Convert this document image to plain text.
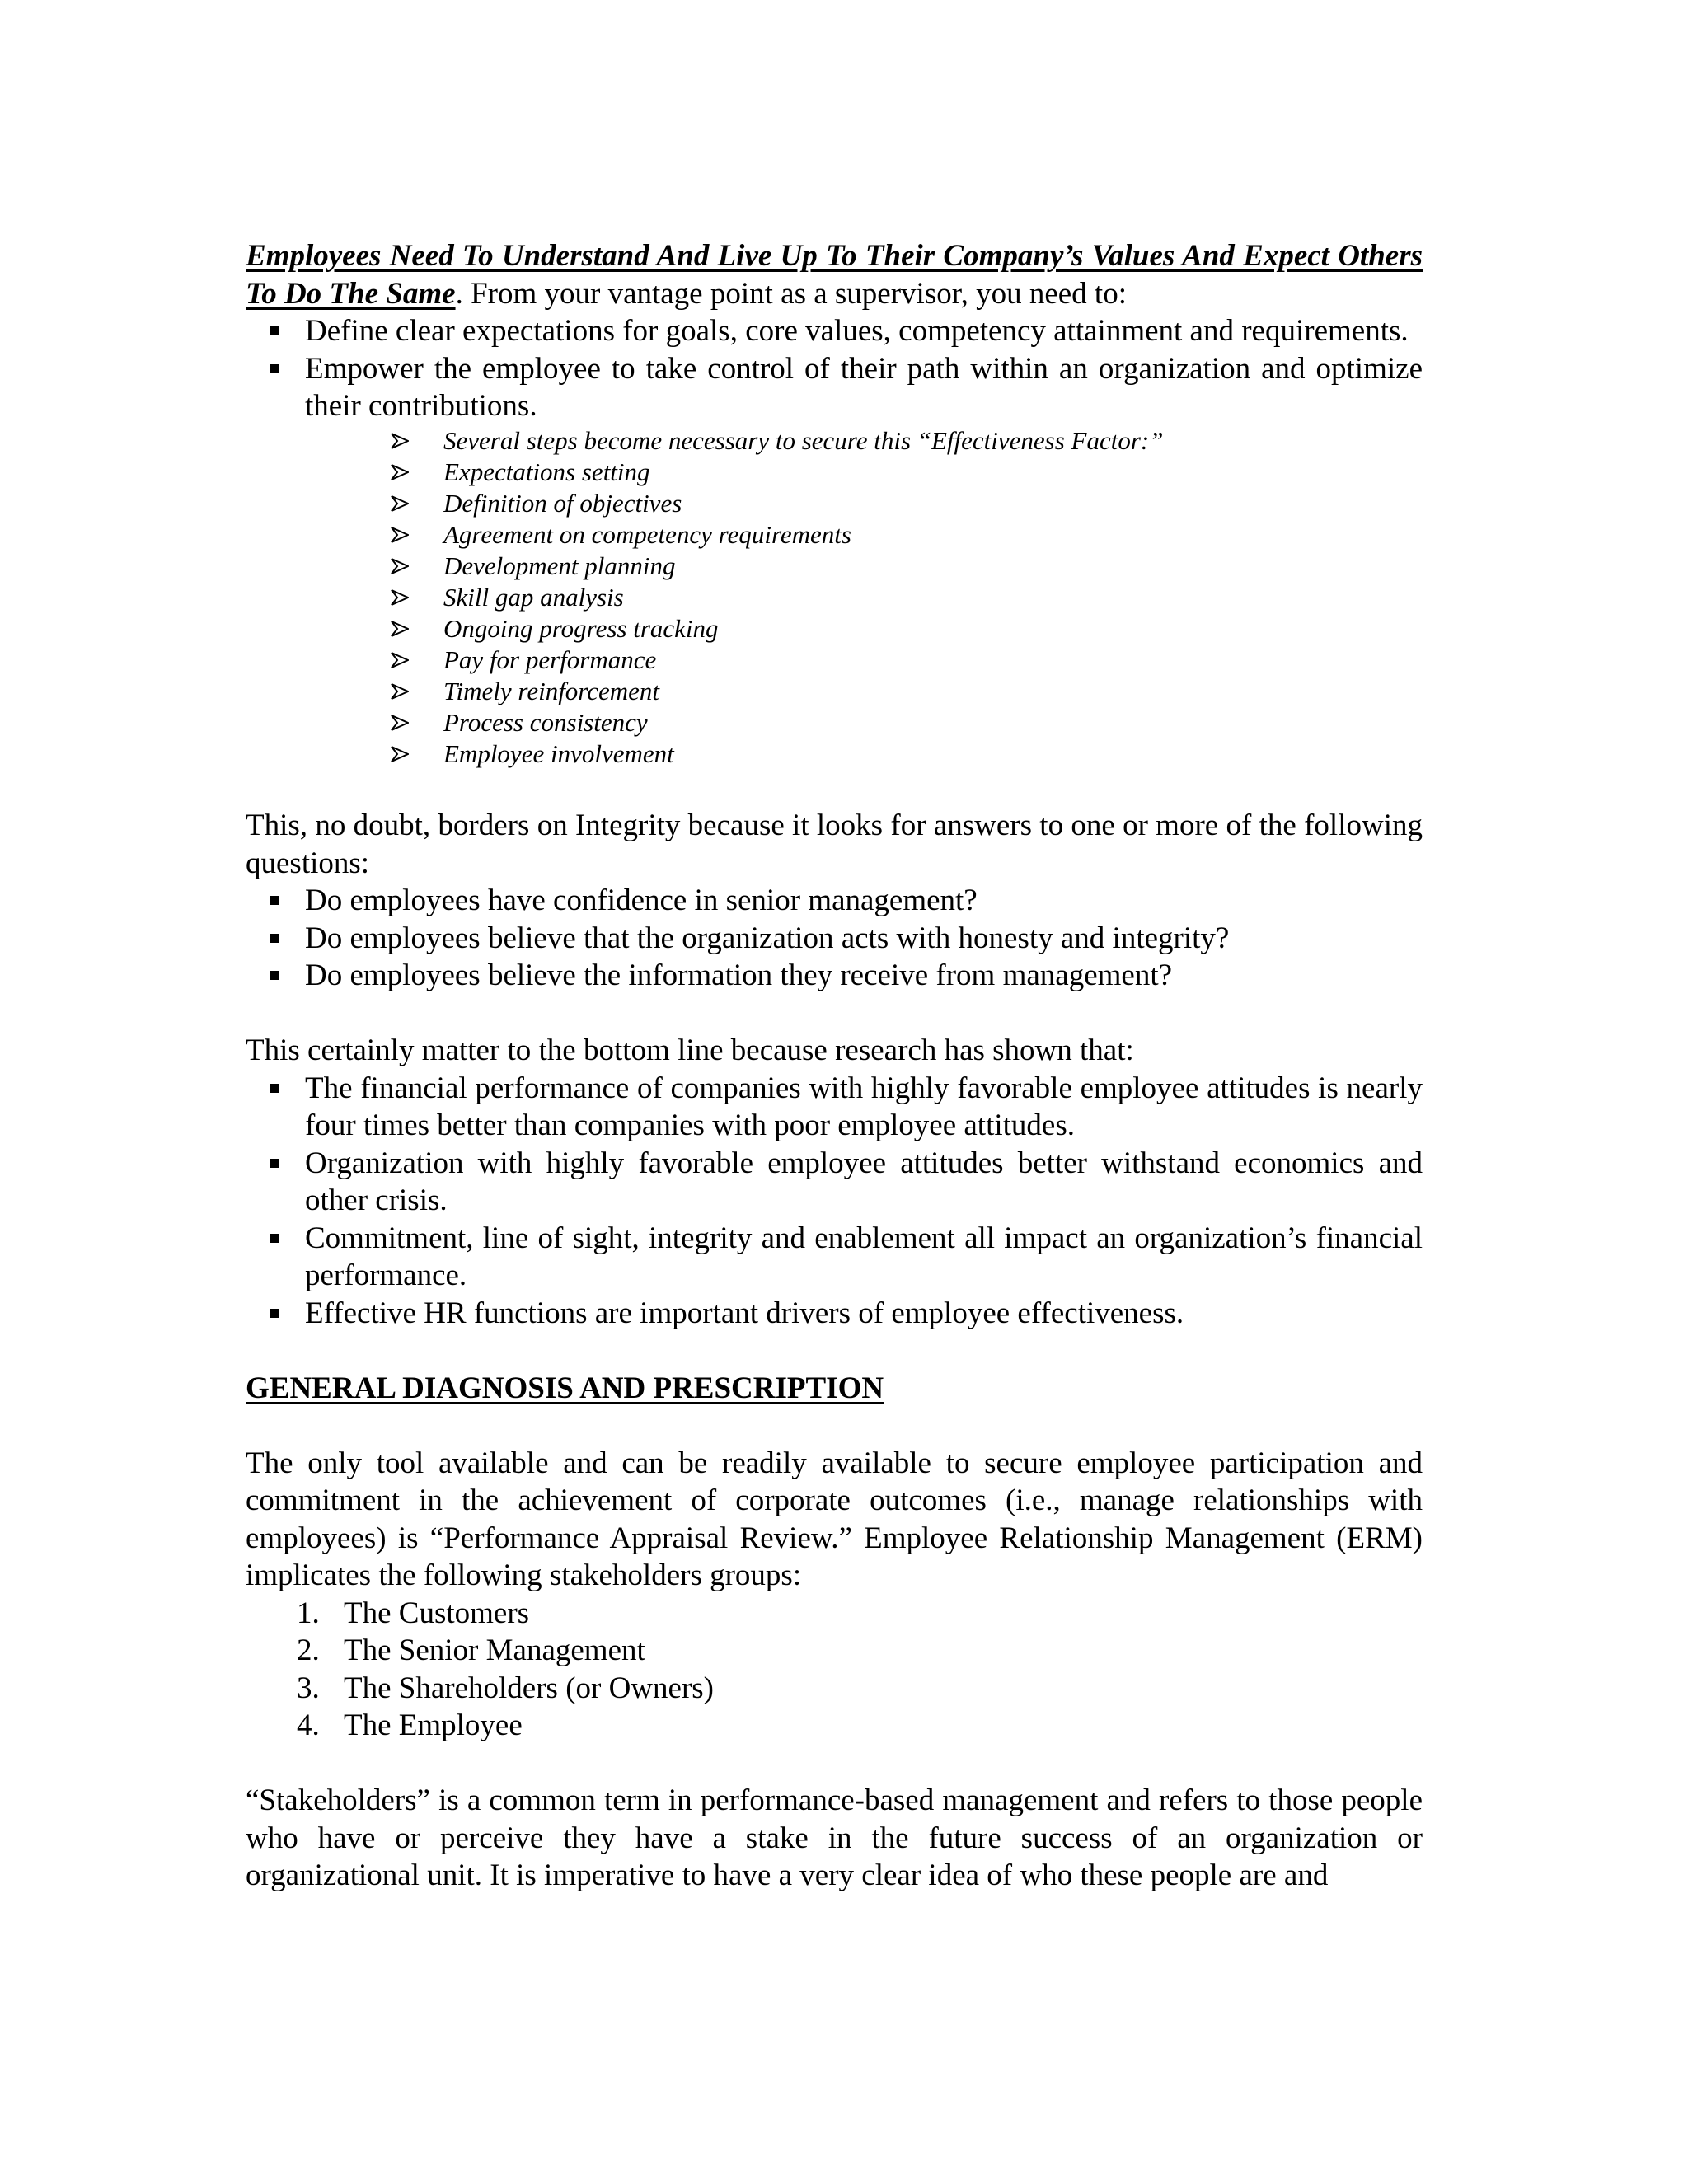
Employees Need To Understand And Live Up To Their Company’s Values And Expect Others To Do The Same. From your vantage point as a supervisor, you need to:

Define clear expectations for goals, core values, competency attainment and requirements.
Empower the employee to take control of their path within an organization and optimize their contributions.
Several steps become necessary to secure this “Effectiveness Factor:”
Expectations setting
Definition of objectives
Agreement on competency requirements
Development planning
Skill gap analysis
Ongoing progress tracking
Pay for performance
Timely reinforcement
Process consistency
Employee involvement

This, no doubt, borders on Integrity because it looks for answers to one or more of the following questions:

Do employees have confidence in senior management?
Do employees believe that the organization acts with honesty and integrity?
Do employees believe the information they receive from management?

This certainly matter to the bottom line because research has shown that:

The financial performance of companies with highly favorable employee attitudes is nearly four times better than companies with poor employee attitudes.
Organization with highly favorable employee attitudes better withstand economics and other crisis.
Commitment, line of sight, integrity and enablement all impact an organization’s financial performance.
Effective HR functions are important drivers of employee effectiveness.
GENERAL DIAGNOSIS AND PRESCRIPTION

The only tool available and can be readily available to secure employee participation and commitment in the achievement of corporate outcomes (i.e., manage relationships with employees) is “Performance Appraisal Review.” Employee Relationship Management (ERM) implicates the following stakeholders groups:

1. The Customers
2. The Senior Management
3. The Shareholders (or Owners)
4. The Employee

“Stakeholders” is a common term in performance-based management and refers to those people who have or perceive they have a stake in the future success of an organization or organizational unit. It is imperative to have a very clear idea of who these people are and
